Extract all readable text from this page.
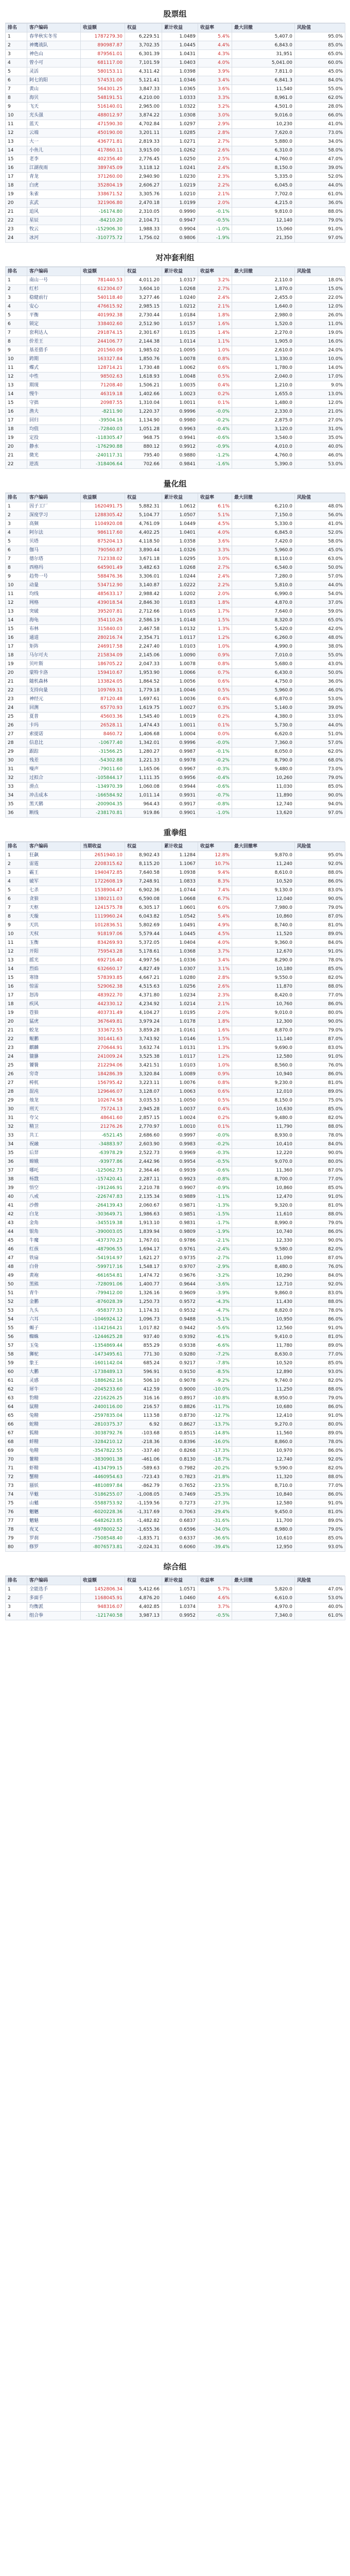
股票组
排名	客户编码	收益额	权益	累计收益	收益率	最大回撤	风险值
1	春华秋实冬雪	1787279.30	6,229.51	1.0489	5.4%	5,407.0	95.0%
2	神鹰战队	890987.87	3,702.35	1.0445	4.4%	6,843.0	85.0%
3	神色山	879561.01	6,301.39	1.0431	4.3%	31,951	65.0%
4	曾小可	681117.00	7,101.59	1.0403	4.0%	5,041.00	60.0%
5	灵活	580153.11	4,311.42	1.0398	3.9%	7,811.0	45.0%
6	阿七的阳	574531.00	5,121.41	1.0346	3.4%	6,841.3	84.0%
7	黄山	564301.25	3,847.33	1.0365	3.6%	11,540	55.0%
8	海贝	548191.51	4,210.00	1.0333	3.3%	8,961.0	62.0%
9	飞天	516140.01	2,965.00	1.0322	3.2%	4,501.0	28.0%
10	光头强	488012.97	3,874.22	1.0308	3.0%	9,016.0	66.0%
11	蓝天	471590.30	4,702.84	1.0297	2.9%	10,230	41.0%
12	云端	450190.00	3,201.11	1.0285	2.8%	7,620.0	73.0%
13	大一	436771.81	2,819.33	1.0271	2.7%	5,880.0	34.0%
14	小鱼儿	417860.11	3,915.00	1.0262	2.6%	6,310.0	58.0%
15	老李	402356.40	2,776.45	1.0250	2.5%	4,760.0	47.0%
16	江湖夜雨	389745.09	3,118.12	1.0241	2.4%	8,150.0	39.0%
17	青龙	371260.00	2,940.90	1.0230	2.3%	5,335.0	52.0%
18	白虎	352804.19	2,606.27	1.0219	2.2%	6,045.0	44.0%
19	朱雀	338671.52	3,305.76	1.0210	2.1%	7,702.0	61.0%
20	玄武	321906.80	2,470.18	1.0199	2.0%	4,215.0	36.0%
21	追风	-16174.80	2,310.05	0.9990	-0.1%	9,810.0	88.0%
22	星辰	-84210.20	2,104.71	0.9947	-0.5%	12,140	79.0%
23	牧云	-152906.30	1,988.33	0.9904	-1.0%	15,060	91.0%
24	冰河	-310775.72	1,756.02	0.9806	-1.9%	21,350	97.0%
对冲套利组
排名	客户编码	收益额	权益	累计收益	收益率	最大回撤	风险值
1	南山一号	781440.53	4,011.20	1.0317	3.2%	2,110.0	18.0%
2	红杉	612304.07	3,604.10	1.0268	2.7%	1,870.0	15.0%
3	稳健前行	540118.40	3,277.46	1.0240	2.4%	2,455.0	22.0%
4	安心	476615.92	2,985.15	1.0212	2.1%	1,640.0	12.0%
5	平衡	401992.38	2,730.44	1.0184	1.8%	2,980.0	26.0%
6	锁定	338402.60	2,512.90	1.0157	1.6%	1,520.0	11.0%
7	套利达人	291874.15	2,301.67	1.0135	1.4%	2,270.0	19.0%
8	价差王	244106.77	2,144.38	1.0114	1.1%	1,905.0	16.0%
9	基差猎手	201560.09	1,985.02	1.0095	1.0%	2,610.0	24.0%
10	跨期	163327.84	1,850.76	1.0078	0.8%	1,330.0	10.0%
11	蝶式	128714.21	1,730.48	1.0062	0.6%	1,780.0	14.0%
12	中性	98502.63	1,618.93	1.0048	0.5%	2,040.0	17.0%
13	期现	71208.40	1,506.21	1.0035	0.4%	1,210.0	9.0%
14	慢牛	46319.18	1,402.66	1.0023	0.2%	1,655.0	13.0%
15	守拙	20987.55	1,310.04	1.0011	0.1%	1,480.0	12.0%
16	渔夫	-8211.90	1,220.37	0.9996	-0.0%	2,330.0	21.0%
17	回归	-39504.16	1,134.90	0.9980	-0.2%	2,875.0	27.0%
18	均值	-72840.03	1,051.28	0.9963	-0.4%	3,120.0	31.0%
19	定投	-118305.47	968.75	0.9941	-0.6%	3,540.0	35.0%
20	静水	-176290.88	880.12	0.9912	-0.9%	4,010.0	40.0%
21	微光	-240117.31	795.40	0.9880	-1.2%	4,760.0	46.0%
22	逆流	-318406.64	702.66	0.9841	-1.6%	5,390.0	53.0%
量化组
排名	客户编码	收益额	权益	累计收益	收益率	最大回撤	风险值
1	因子工厂	1620491.75	5,882.31	1.0612	6.1%	6,210.0	48.0%
2	深度学习	1288305.42	5,104.77	1.0507	5.1%	7,150.0	56.0%
3	高频	1104920.08	4,761.09	1.0449	4.5%	5,330.0	41.0%
4	阿尔法	986117.60	4,402.25	1.0401	4.0%	6,845.0	52.0%
5	贝塔	875204.13	4,118.50	1.0358	3.6%	7,420.0	58.0%
6	伽马	790560.87	3,890.44	1.0326	3.3%	5,960.0	45.0%
7	德尔塔	712338.02	3,671.18	1.0295	3.0%	8,110.0	63.0%
8	西格玛	645901.49	3,482.63	1.0268	2.7%	6,540.0	50.0%
9	趋势一号	588476.36	3,306.01	1.0244	2.4%	7,280.0	57.0%
10	动量	534712.90	3,140.87	1.0222	2.2%	5,810.0	44.0%
11	均线	485633.17	2,988.42	1.0202	2.0%	6,990.0	54.0%
12	网格	439018.54	2,846.30	1.0183	1.8%	4,870.0	37.0%
13	突破	395207.81	2,712.66	1.0165	1.7%	7,640.0	59.0%
14	海龟	354110.26	2,586.19	1.0148	1.5%	8,320.0	65.0%
15	布林	315840.03	2,467.58	1.0132	1.3%	5,420.0	42.0%
16	通道	280216.74	2,354.71	1.0117	1.2%	6,260.0	48.0%
17	矩阵	246917.58	2,247.40	1.0103	1.0%	4,990.0	38.0%
18	马尔可夫	215834.09	2,145.06	1.0090	0.9%	7,010.0	55.0%
19	贝叶斯	186705.22	2,047.33	1.0078	0.8%	5,680.0	43.0%
20	蒙特卡洛	159410.67	1,953.90	1.0066	0.7%	6,430.0	50.0%
21	随机森林	133824.05	1,864.52	1.0056	0.6%	4,750.0	36.0%
22	支持向量	109769.31	1,779.18	1.0046	0.5%	5,960.0	46.0%
23	神经元	87120.48	1,697.61	1.0036	0.4%	6,870.0	53.0%
24	回测	65770.93	1,619.75	1.0027	0.3%	5,140.0	39.0%
25	夏普	45603.36	1,545.40	1.0019	0.2%	4,380.0	33.0%
26	卡玛	26528.11	1,474.43	1.0011	0.1%	5,730.0	44.0%
27	索提诺	8460.72	1,406.68	1.0004	0.0%	6,620.0	51.0%
28	信息比	-10677.40	1,342.01	0.9996	-0.0%	7,360.0	57.0%
29	跟踪	-31566.25	1,280.27	0.9987	-0.1%	8,050.0	62.0%
30	残差	-54302.88	1,221.33	0.9978	-0.2%	8,790.0	68.0%
31	噪声	-79011.60	1,165.06	0.9967	-0.3%	9,480.0	73.0%
32	过拟合	-105844.17	1,111.35	0.9956	-0.4%	10,260	79.0%
33	滑点	-134970.39	1,060.08	0.9944	-0.6%	11,030	85.0%
34	冲击成本	-166584.92	1,011.14	0.9931	-0.7%	11,890	90.0%
35	黑天鹅	-200904.35	964.43	0.9917	-0.8%	12,740	94.0%
36	断线	-238170.81	919.86	0.9901	-1.0%	13,620	97.0%
重拳组
排名	客户编码	当期收益	权益	累计收益	收益率	最大回撤率	风险值
1	狂飙	2651940.10	8,902.43	1.1284	12.8%	9,870.0	95.0%
2	雷霆	2208315.62	8,115.20	1.1067	10.7%	11,240	92.0%
3	霸王	1940472.85	7,640.58	1.0938	9.4%	8,610.0	88.0%
4	破军	1722608.19	7,248.91	1.0833	8.3%	10,520	86.0%
5	七杀	1538904.47	6,902.36	1.0744	7.4%	9,130.0	83.0%
6	贪狼	1380211.03	6,590.08	1.0668	6.7%	12,040	90.0%
7	天枢	1241575.78	6,305.17	1.0601	6.0%	7,980.0	79.0%
8	天璇	1119960.24	6,043.82	1.0542	5.4%	10,860	87.0%
9	天玑	1012836.51	5,802.69	1.0491	4.9%	8,740.0	81.0%
10	天权	918197.06	5,579.44	1.0445	4.5%	11,520	89.0%
11	玉衡	834269.93	5,372.05	1.0404	4.0%	9,360.0	84.0%
12	开阳	759543.28	5,178.61	1.0368	3.7%	12,670	91.0%
13	摇光	692716.40	4,997.56	1.0336	3.4%	8,290.0	78.0%
14	烈焰	632660.17	4,827.49	1.0307	3.1%	10,180	85.0%
15	寒锋	578393.85	4,667.21	1.0280	2.8%	9,550.0	82.0%
16	惊雷	529062.38	4,515.63	1.0256	2.6%	11,870	88.0%
17	怒涛	483922.70	4,371.80	1.0234	2.3%	8,420.0	77.0%
18	疾风	442330.12	4,234.92	1.0214	2.1%	10,760	86.0%
19	苍狼	403731.49	4,104.27	1.0195	2.0%	9,010.0	80.0%
20	猛虎	367649.81	3,979.24	1.0178	1.8%	12,300	90.0%
21	蛟龙	333672.55	3,859.28	1.0161	1.6%	8,870.0	79.0%
22	鲲鹏	301441.63	3,743.92	1.0146	1.5%	11,140	87.0%
23	麒麟	270644.91	3,632.74	1.0131	1.3%	9,690.0	83.0%
24	貔貅	241009.24	3,525.38	1.0117	1.2%	12,580	91.0%
25	饕餮	212294.06	3,421.51	1.0103	1.0%	8,560.0	76.0%
26	穷奇	184286.39	3,320.84	1.0089	0.9%	10,940	86.0%
27	梼杌	156795.42	3,223.11	1.0076	0.8%	9,230.0	81.0%
28	混沌	129646.07	3,128.07	1.0063	0.6%	12,010	89.0%
29	烛龙	102674.58	3,035.53	1.0050	0.5%	8,150.0	75.0%
30	刑天	75724.13	2,945.28	1.0037	0.4%	10,630	85.0%
31	夸父	48641.60	2,857.15	1.0024	0.2%	9,480.0	82.0%
32	精卫	21276.26	2,770.97	1.0010	0.1%	11,790	88.0%
33	共工	-6521.45	2,686.60	0.9997	-0.0%	8,930.0	78.0%
34	祝融	-34883.97	2,603.90	0.9983	-0.2%	10,410	84.0%
35	后羿	-63978.29	2,522.73	0.9969	-0.3%	12,220	90.0%
36	嫦娥	-93977.86	2,442.96	0.9954	-0.5%	9,070.0	80.0%
37	哪吒	-125062.73	2,364.46	0.9939	-0.6%	11,360	87.0%
38	杨戬	-157420.41	2,287.11	0.9923	-0.8%	8,700.0	77.0%
39	悟空	-191246.91	2,210.78	0.9907	-0.9%	10,860	85.0%
40	八戒	-226747.83	2,135.34	0.9889	-1.1%	12,470	91.0%
41	沙僧	-264139.43	2,060.67	0.9871	-1.3%	9,320.0	81.0%
42	白龙	-303649.71	1,986.63	0.9851	-1.5%	11,610	88.0%
43	金角	-345519.38	1,913.10	0.9831	-1.7%	8,990.0	79.0%
44	银角	-390003.05	1,839.94	0.9809	-1.9%	10,740	86.0%
45	牛魔	-437370.23	1,767.01	0.9786	-2.1%	12,330	90.0%
46	红孩	-487906.55	1,694.17	0.9761	-2.4%	9,580.0	82.0%
47	铁扇	-541914.97	1,621.27	0.9735	-2.7%	11,090	87.0%
48	白骨	-599717.16	1,548.17	0.9707	-2.9%	8,480.0	76.0%
49	黄袍	-661654.81	1,474.72	0.9676	-3.2%	10,290	84.0%
50	黑熊	-728091.06	1,400.77	0.9644	-3.6%	12,710	92.0%
51	青牛	-799412.00	1,326.16	0.9609	-3.9%	9,860.0	83.0%
52	金鹏	-876028.39	1,250.73	0.9572	-4.3%	11,430	88.0%
53	九头	-958377.33	1,174.31	0.9532	-4.7%	8,820.0	78.0%
54	六耳	-1046924.12	1,096.73	0.9488	-5.1%	10,950	86.0%
55	蝎子	-1142164.21	1,017.82	0.9442	-5.6%	12,560	91.0%
56	蜘蛛	-1244625.28	937.40	0.9392	-6.1%	9,410.0	81.0%
57	玉兔	-1354869.44	855.29	0.9338	-6.6%	11,780	89.0%
58	狮驼	-1473495.61	771.30	0.9280	-7.2%	8,630.0	77.0%
59	象王	-1601142.04	685.24	0.9217	-7.8%	10,520	85.0%
60	大鹏	-1738489.13	596.91	0.9150	-8.5%	12,890	93.0%
61	灵感	-1886262.16	506.10	0.9078	-9.2%	9,740.0	82.0%
62	犀牛	-2045233.60	412.59	0.9000	-10.0%	11,250	88.0%
63	豹精	-2216226.25	316.16	0.8917	-10.8%	8,950.0	79.0%
64	鼠精	-2400116.00	216.57	0.8826	-11.7%	10,680	86.0%
65	兔精	-2597835.04	113.58	0.8730	-12.7%	12,410	91.0%
66	蛇精	-2810375.37	6.92	0.8627	-13.7%	9,270.0	80.0%
67	狐精	-3038792.76	-103.68	0.8515	-14.8%	11,560	89.0%
68	蚌精	-3284210.12	-218.36	0.8396	-16.0%	8,860.0	78.0%
69	龟精	-3547822.55	-337.40	0.8268	-17.3%	10,970	86.0%
70	鳌精	-3830901.38	-461.06	0.8130	-18.7%	12,740	92.0%
71	虾精	-4134799.15	-589.63	0.7982	-20.2%	9,590.0	82.0%
72	蟹精	-4460954.63	-723.43	0.7823	-21.8%	11,320	88.0%
73	蜃妖	-4810897.84	-862.79	0.7652	-23.5%	8,710.0	77.0%
74	旱魃	-5186255.07	-1,008.05	0.7469	-25.3%	10,840	86.0%
75	山魈	-5588753.92	-1,159.56	0.7273	-27.3%	12,580	91.0%
76	魍魉	-6020228.36	-1,317.69	0.7063	-29.4%	9,450.0	81.0%
77	魑魅	-6482623.85	-1,482.82	0.6837	-31.6%	11,700	89.0%
78	夜叉	-6978002.52	-1,655.36	0.6596	-34.0%	8,980.0	79.0%
79	罗刹	-7508548.40	-1,835.71	0.6337	-36.6%	10,610	85.0%
80	修罗	-8076573.81	-2,024.31	0.6060	-39.4%	12,950	93.0%
综合组
排名	客户编码	收益额	权益	累计收益	收益率	最大回撤	风险值
1	全能选手	1452806.34	5,412.66	1.0571	5.7%	5,820.0	47.0%
2	多面手	1168045.91	4,876.20	1.0460	4.6%	6,610.0	53.0%
3	均衡派	948316.07	4,402.85	1.0374	3.7%	4,970.0	40.0%
4	组合拳	-121740.58	3,987.13	0.9952	-0.5%	7,340.0	61.0%
